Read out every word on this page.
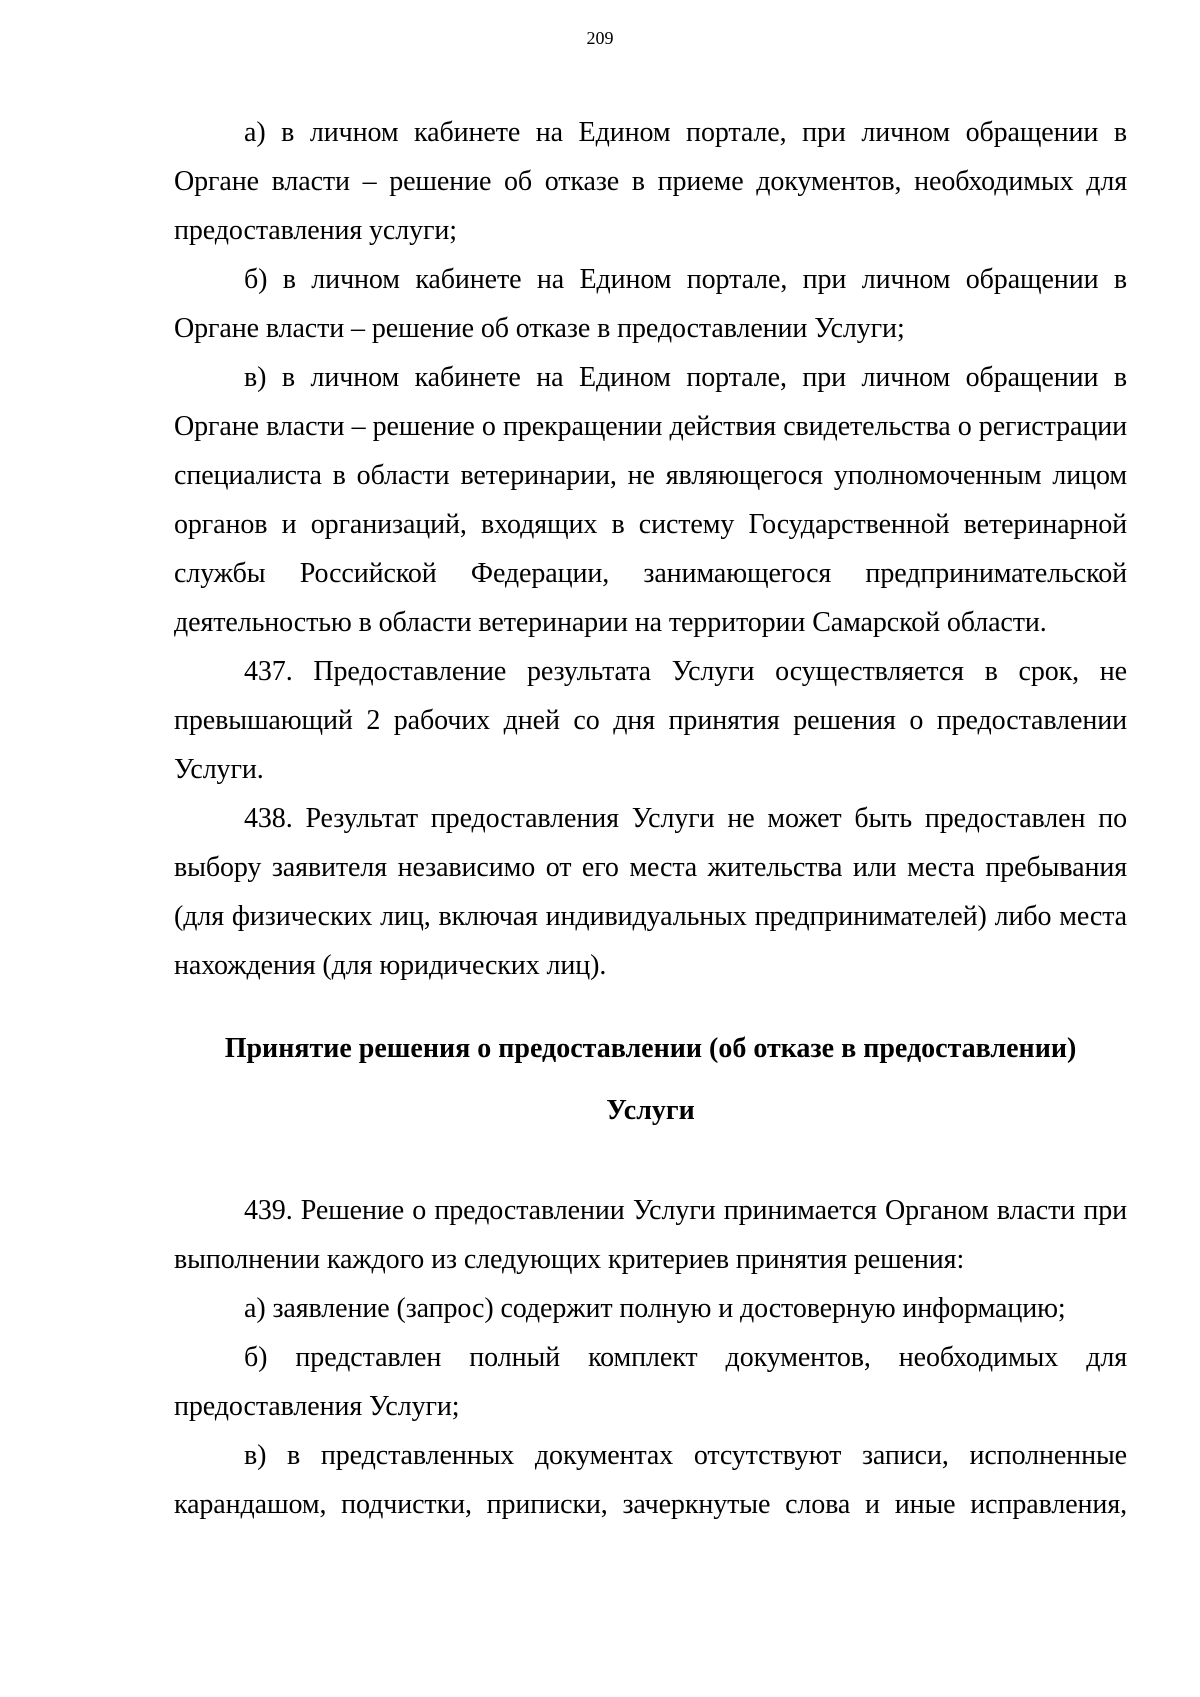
209

а) в личном кабинете на Едином портале, при личном обращении в Органе власти – решение об отказе в приеме документов, необходимых для предоставления услуги;

б) в личном кабинете на Едином портале, при личном обращении в Органе власти – решение об отказе в предоставлении Услуги;

в) в личном кабинете на Едином портале, при личном обращении в Органе власти – решение о прекращении действия свидетельства о регистрации специалиста в области ветеринарии, не являющегося уполномоченным лицом органов и организаций, входящих в систему Государственной ветеринарной службы Российской Федерации, занимающегося предпринимательской деятельностью в области ветеринарии на территории Самарской области.

437. Предоставление результата Услуги осуществляется в срок, не превышающий 2 рабочих дней со дня принятия решения о предоставлении Услуги.

438. Результат предоставления Услуги не может быть предоставлен по выбору заявителя независимо от его места жительства или места пребывания (для физических лиц, включая индивидуальных предпринимателей) либо места нахождения (для юридических лиц).

Принятие решения о предоставлении (об отказе в предоставлении)

Услуги

439. Решение о предоставлении Услуги принимается Органом власти при выполнении каждого из следующих критериев принятия решения:

а) заявление (запрос) содержит полную и достоверную информацию;

б) представлен полный комплект документов, необходимых для предоставления Услуги;

в) в представленных документах отсутствуют записи, исполненные карандашом, подчистки, приписки, зачеркнутые слова и иные исправления,
